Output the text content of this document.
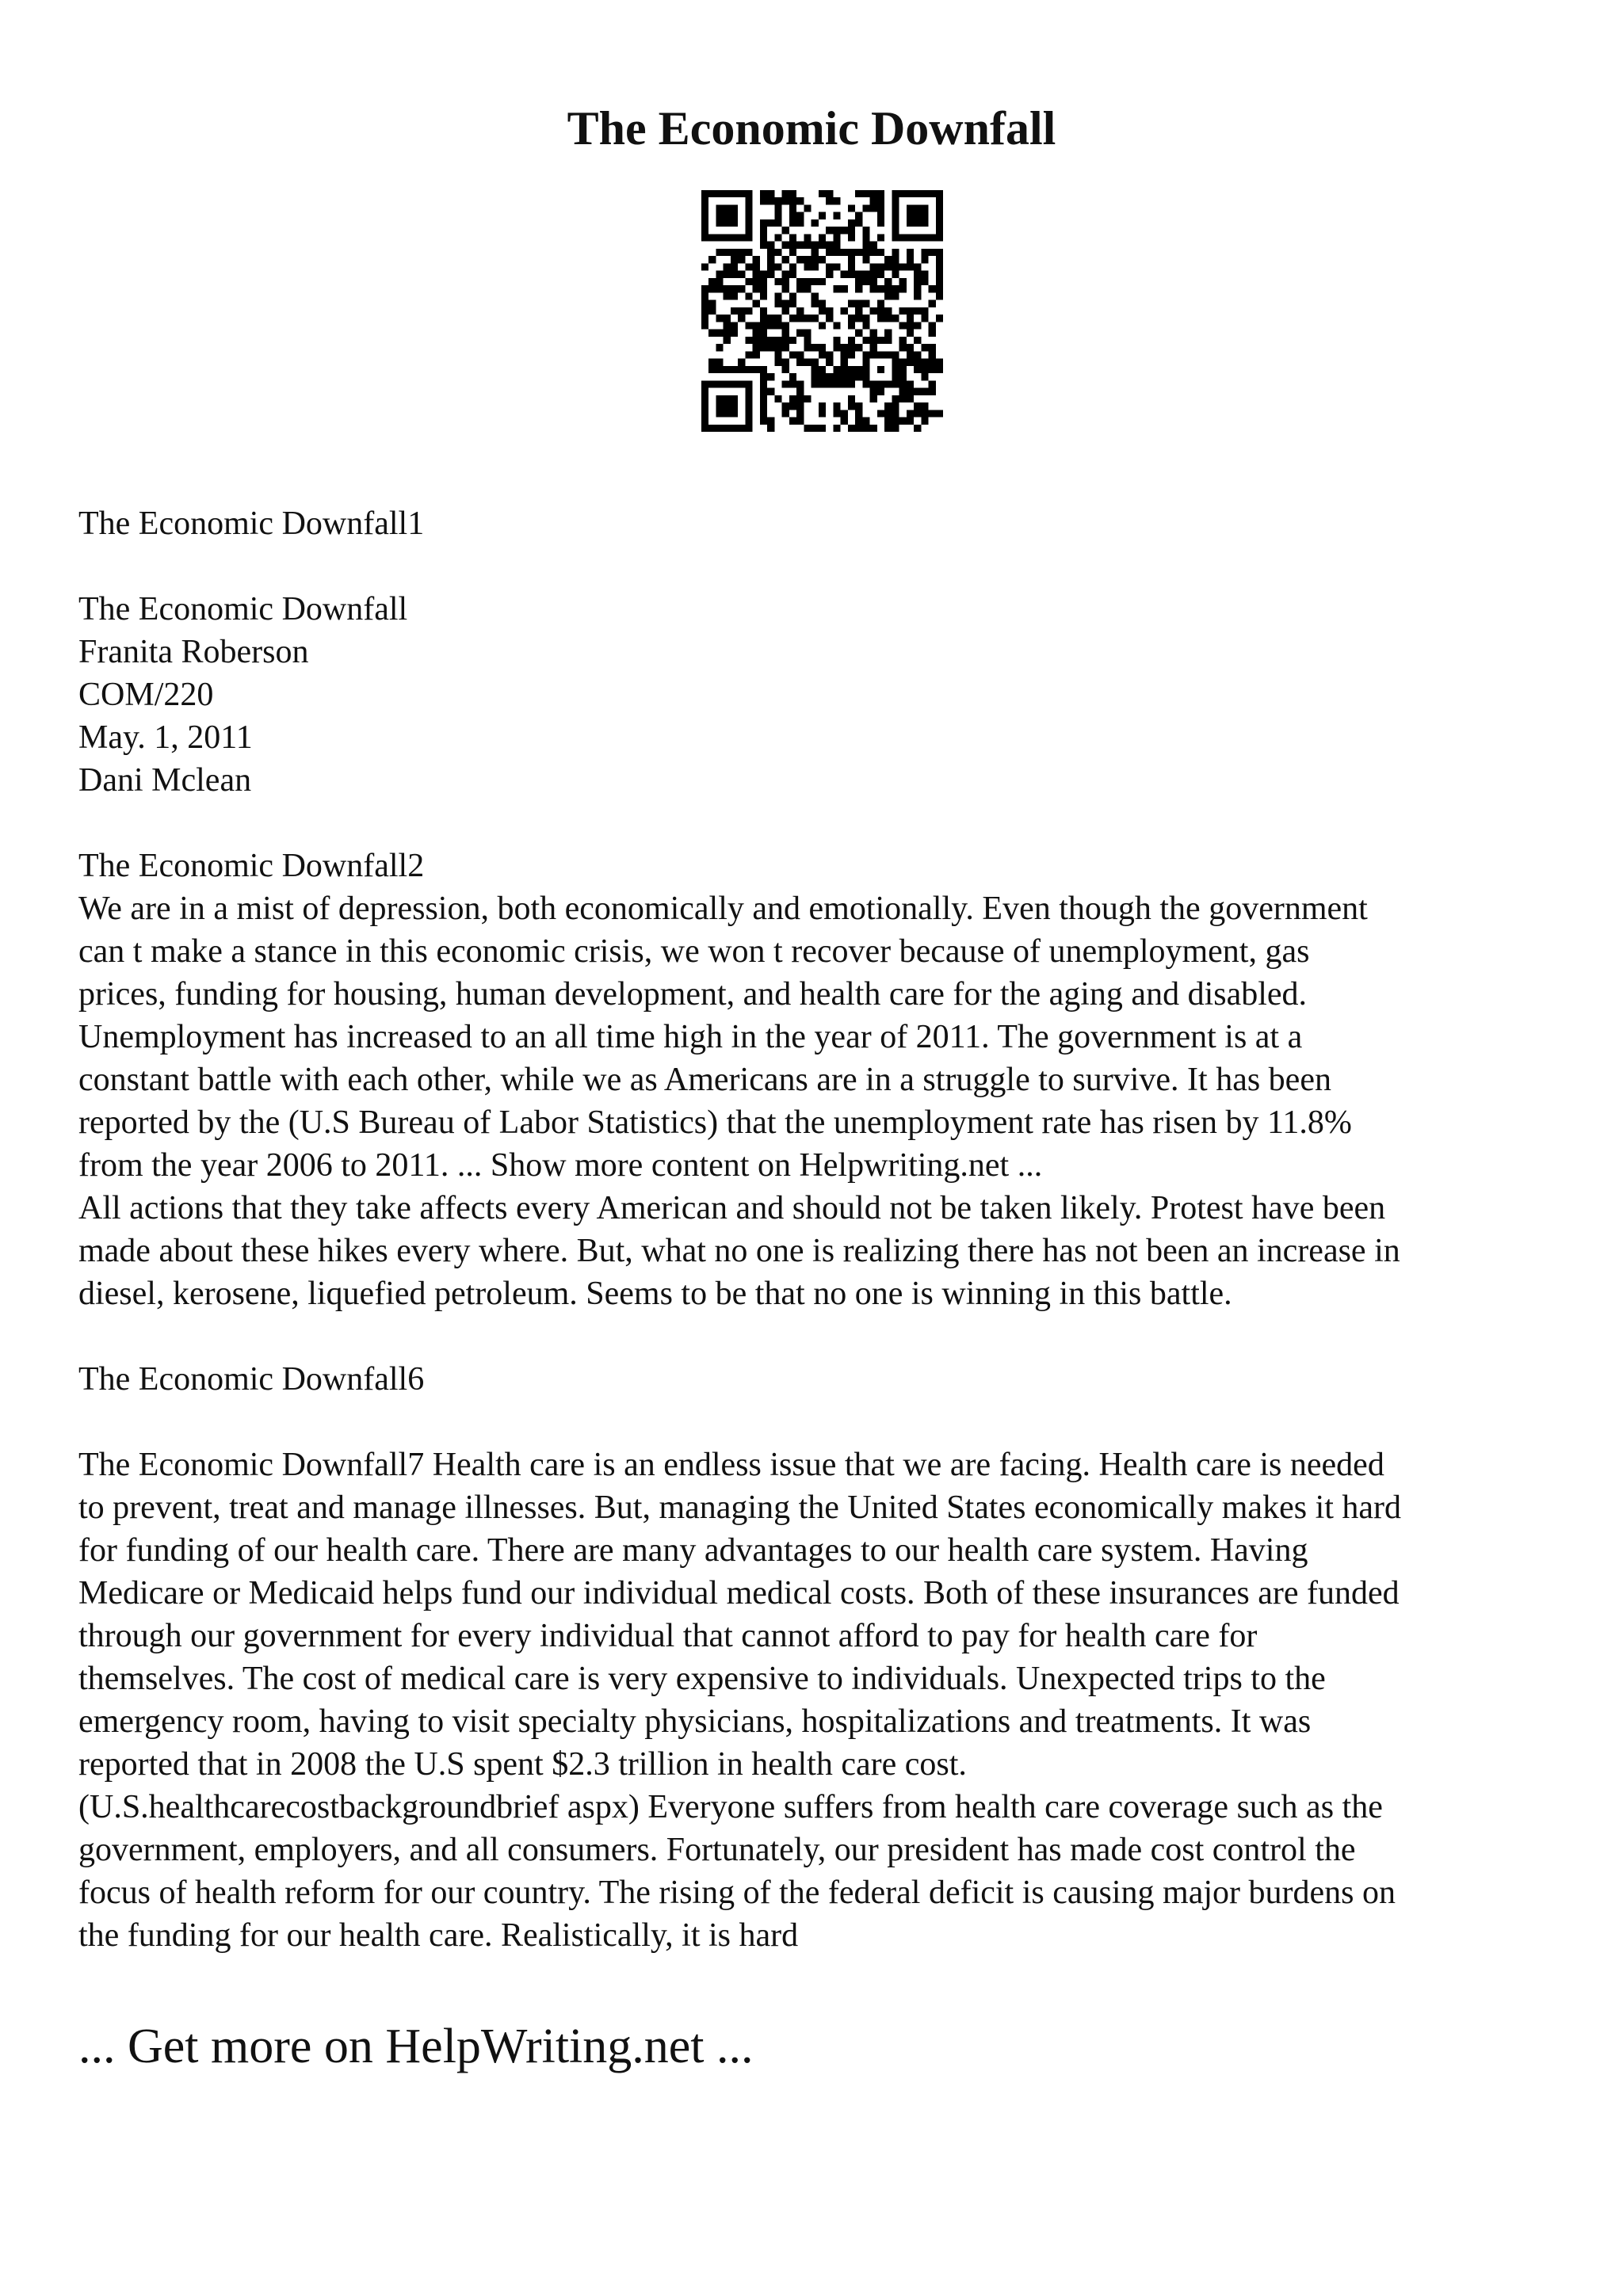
The Economic Downfall
The Economic Downfall1
The Economic Downfall
Franita Roberson
COM/220
May. 1, 2011
Dani Mclean
The Economic Downfall2
We are in a mist of depression, both economically and emotionally. Even though the government
can t make a stance in this economic crisis, we won t recover because of unemployment, gas
prices, funding for housing, human development, and health care for the aging and disabled.
Unemployment has increased to an all time high in the year of 2011. The government is at a
constant battle with each other, while we as Americans are in a struggle to survive. It has been
reported by the (U.S Bureau of Labor Statistics) that the unemployment rate has risen by 11.8%
from the year 2006 to 2011. ... Show more content on Helpwriting.net ...
All actions that they take affects every American and should not be taken likely. Protest have been
made about these hikes every where. But, what no one is realizing there has not been an increase in
diesel, kerosene, liquefied petroleum. Seems to be that no one is winning in this battle.
The Economic Downfall6
The Economic Downfall7 Health care is an endless issue that we are facing. Health care is needed
to prevent, treat and manage illnesses. But, managing the United States economically makes it hard
for funding of our health care. There are many advantages to our health care system. Having
Medicare or Medicaid helps fund our individual medical costs. Both of these insurances are funded
through our government for every individual that cannot afford to pay for health care for
themselves. The cost of medical care is very expensive to individuals. Unexpected trips to the
emergency room, having to visit specialty physicians, hospitalizations and treatments. It was
reported that in 2008 the U.S spent $2.3 trillion in health care cost.
(U.S.healthcarecostbackgroundbrief aspx) Everyone suffers from health care coverage such as the
government, employers, and all consumers. Fortunately, our president has made cost control the
focus of health reform for our country. The rising of the federal deficit is causing major burdens on
the funding for our health care. Realistically, it is hard
... Get more on HelpWriting.net ...
